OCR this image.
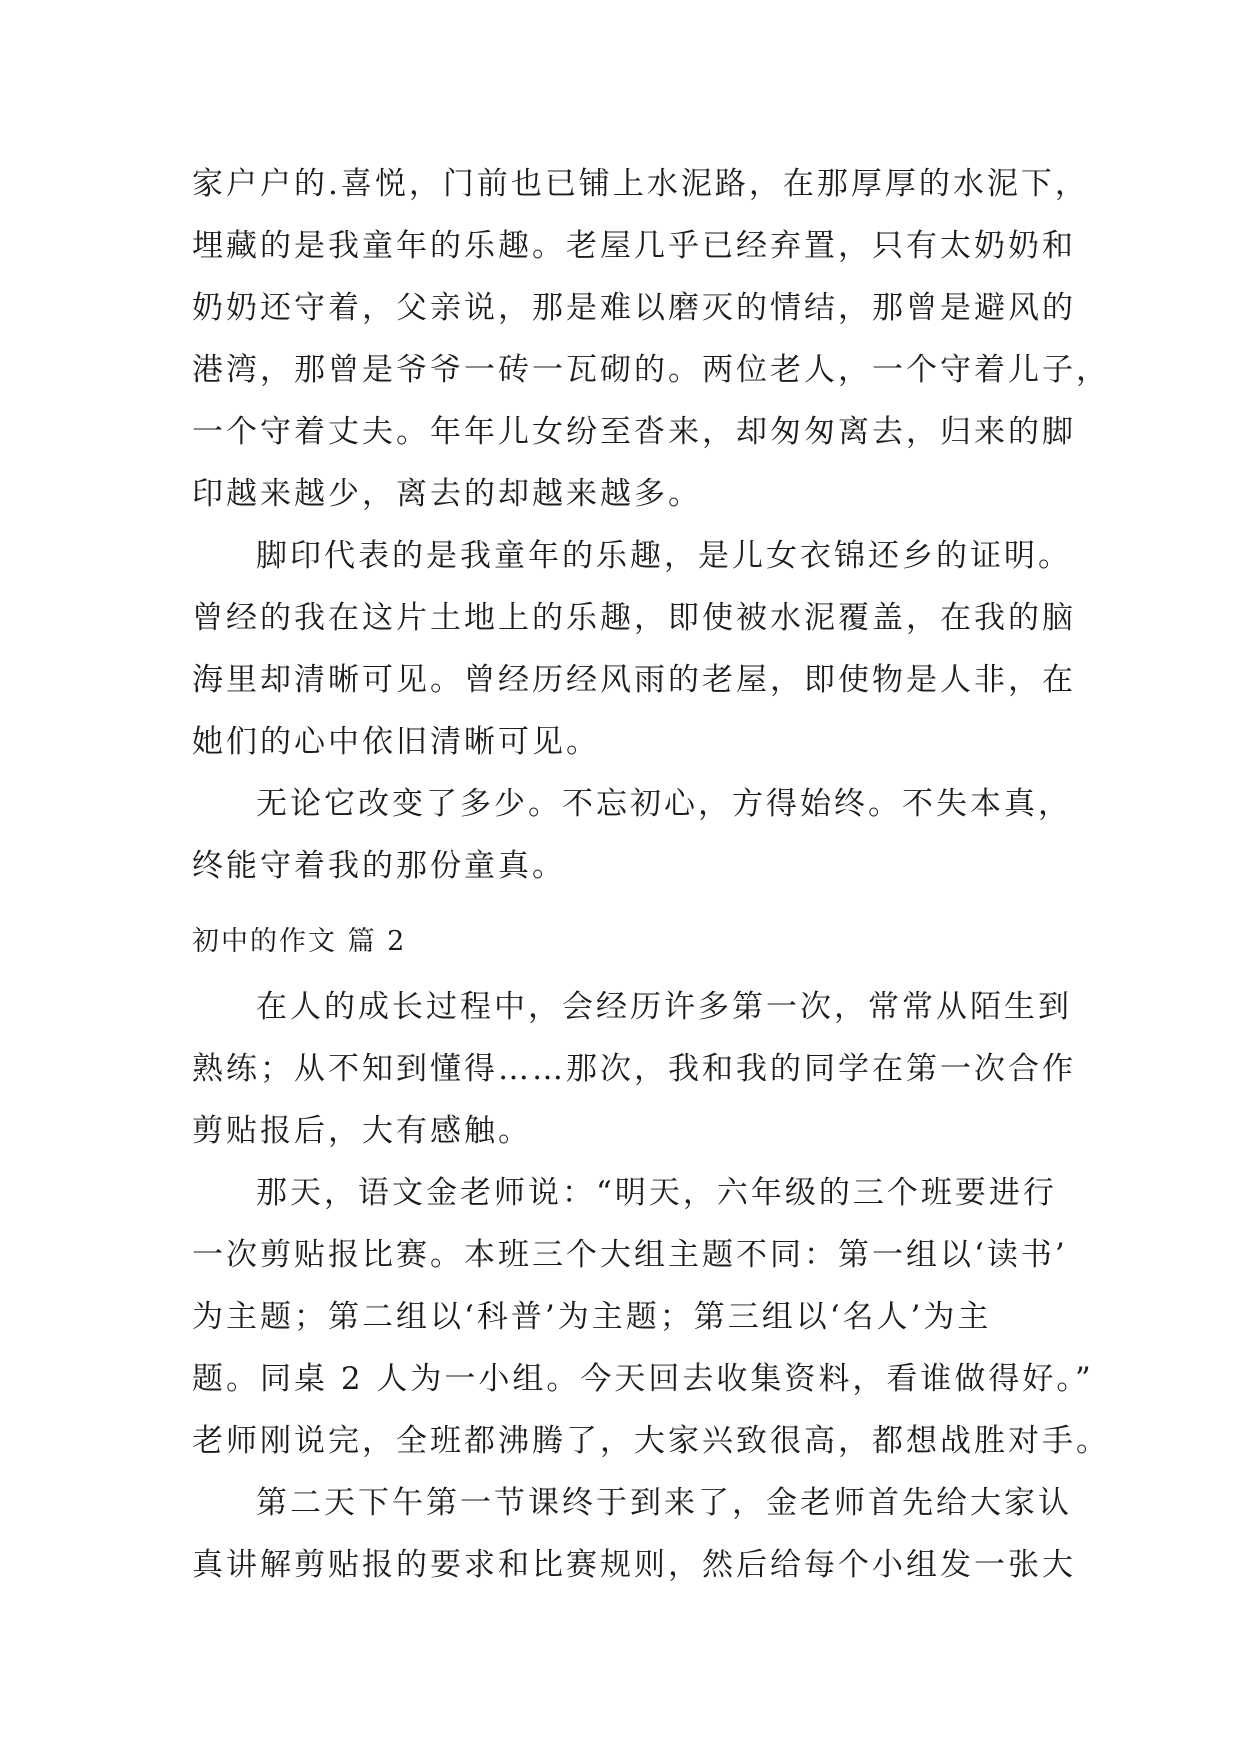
家户户的.喜悦，门前也已铺上水泥路，在那厚厚的水泥下，
埋藏的是我童年的乐趣。老屋几乎已经弃置，只有太奶奶和
奶奶还守着，父亲说，那是难以磨灭的情结，那曾是避风的
港湾，那曾是爷爷一砖一瓦砌的。两位老人，一个守着儿子，
一个守着丈夫。年年儿女纷至沓来，却匆匆离去，归来的脚
印越来越少，离去的却越来越多。
脚印代表的是我童年的乐趣，是儿女衣锦还乡的证明。
曾经的我在这片土地上的乐趣，即使被水泥覆盖，在我的脑
海里却清晰可见。曾经历经风雨的老屋，即使物是人非，在
她们的心中依旧清晰可见。
无论它改变了多少。不忘初心，方得始终。不失本真，
终能守着我的那份童真。
初中的作文 篇 2
在人的成长过程中，会经历许多第一次，常常从陌生到
熟练；从不知到懂得……那次，我和我的同学在第一次合作
剪贴报后，大有感触。
那天，语文金老师说：“明天，六年级的三个班要进行
一次剪贴报比赛。本班三个大组主题不同：第一组以‘读书’
为主题；第二组以‘科普’为主题；第三组以‘名人’为主
题。同桌 2 人为一小组。今天回去收集资料，看谁做得好。”
老师刚说完，全班都沸腾了，大家兴致很高，都想战胜对手。
第二天下午第一节课终于到来了，金老师首先给大家认
真讲解剪贴报的要求和比赛规则，然后给每个小组发一张大
